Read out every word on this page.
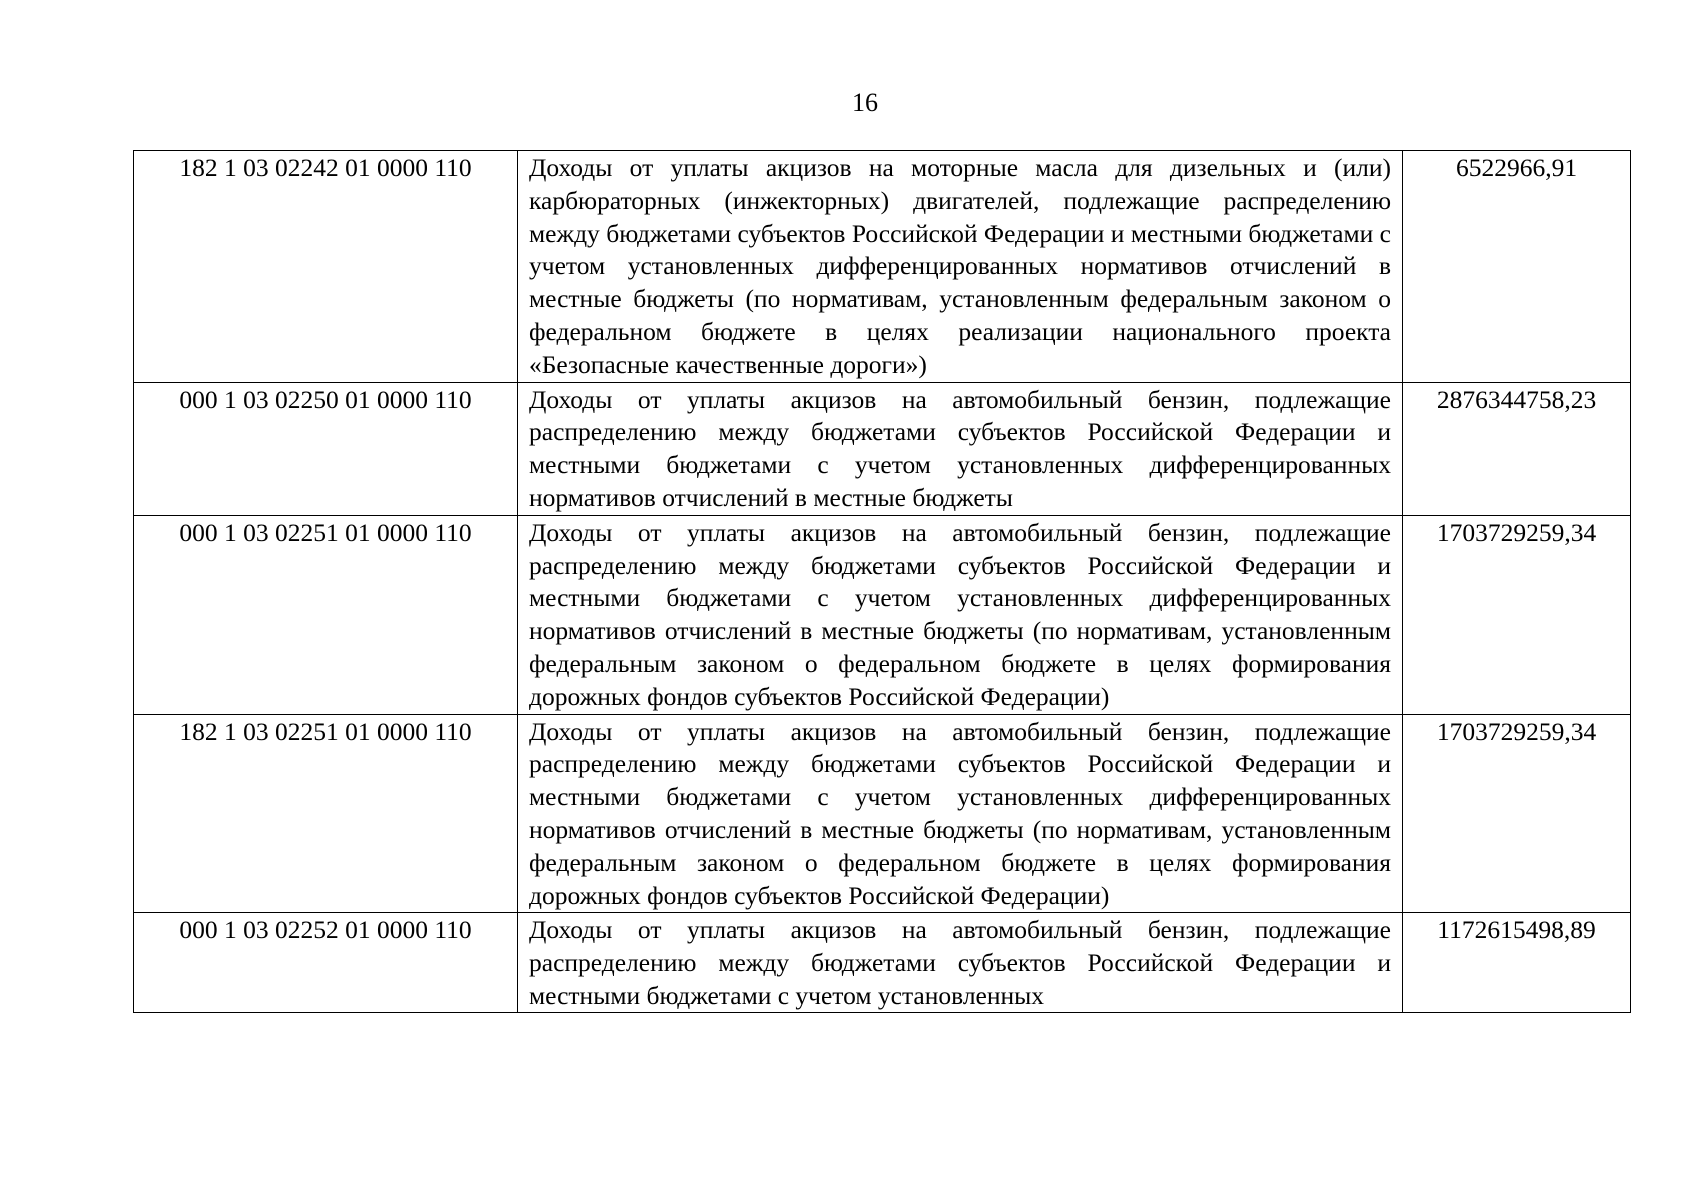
16
182 1 03 02242 01 0000 110	Доходы от уплаты акцизов на моторные масла для дизельных и (или) карбюраторных (инжекторных) двигателей, подлежащие распределению между бюджетами субъектов Российской Федерации и местными бюджетами с учетом установленных дифференцированных нормативов отчислений в местные бюджеты (по нормативам, установленным федеральным законом о федеральном бюджете в целях реализации национального проекта «Безопасные качественные дороги»)	6522966,91
000 1 03 02250 01 0000 110	Доходы от уплаты акцизов на автомобильный бензин, подлежащие распределению между бюджетами субъектов Российской Федерации и местными бюджетами с учетом установленных дифференцированных нормативов отчислений в местные бюджеты	2876344758,23
000 1 03 02251 01 0000 110	Доходы от уплаты акцизов на автомобильный бензин, подлежащие распределению между бюджетами субъектов Российской Федерации и местными бюджетами с учетом установленных дифференцированных нормативов отчислений в местные бюджеты (по нормативам, установленным федеральным законом о федеральном бюджете в целях формирования дорожных фондов субъектов Российской Федерации)	1703729259,34
182 1 03 02251 01 0000 110	Доходы от уплаты акцизов на автомобильный бензин, подлежащие распределению между бюджетами субъектов Российской Федерации и местными бюджетами с учетом установленных дифференцированных нормативов отчислений в местные бюджеты (по нормативам, установленным федеральным законом о федеральном бюджете в целях формирования дорожных фондов субъектов Российской Федерации)	1703729259,34

000 1 03 02252 01 0000 110	Доходы от уплаты акцизов на автомобильный бензин, подлежащие распределению между бюджетами субъектов Российской Федерации и местными бюджетами с учетом установленных	1172615498,89
